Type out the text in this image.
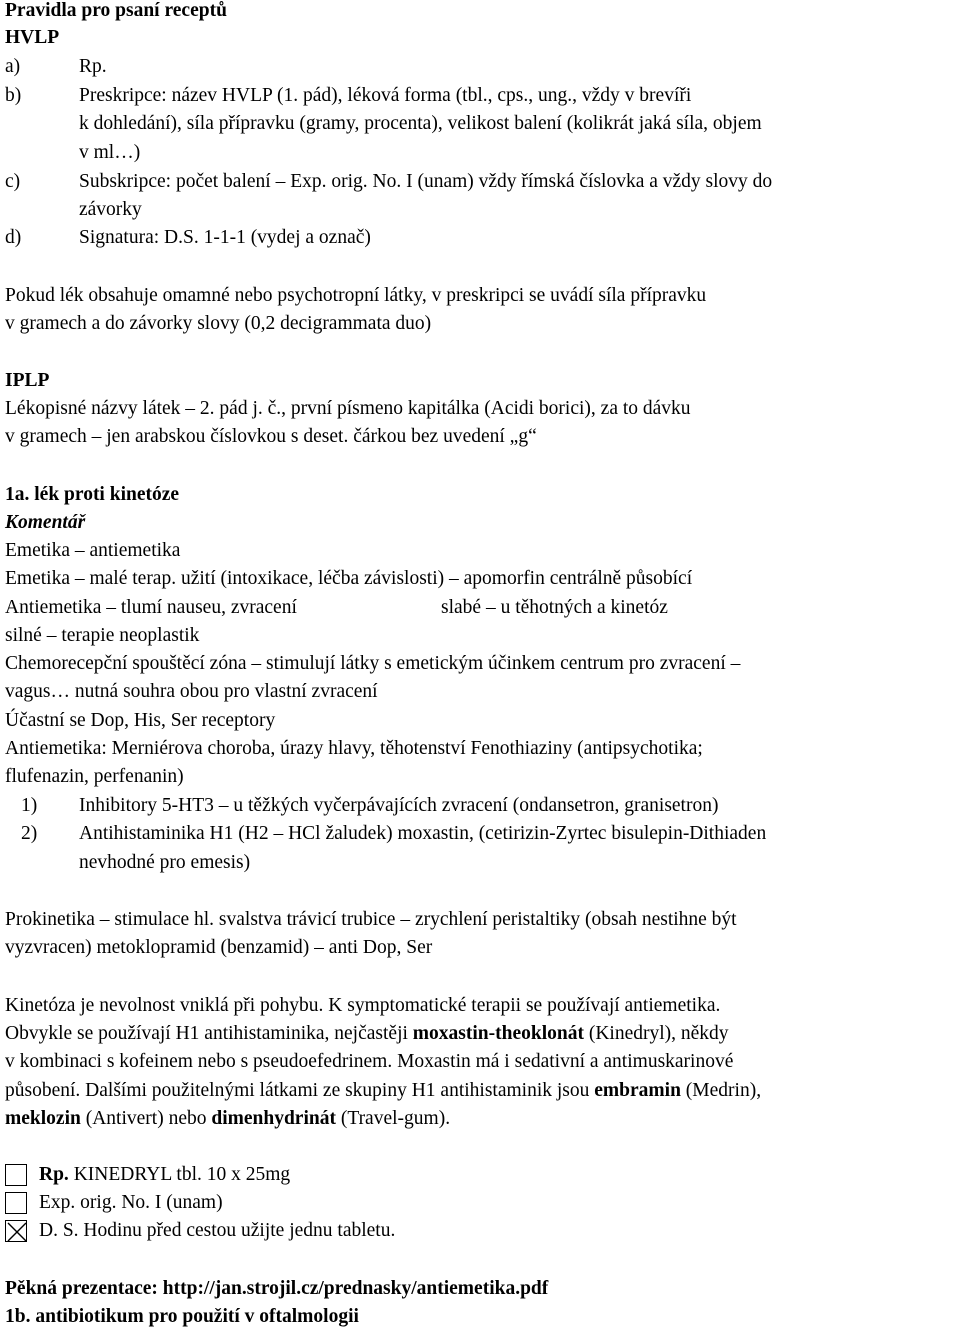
Pravidla pro psaní receptů
HVLP
a)	Rp.
b)	Preskripce: název HVLP (1. pád), léková forma (tbl., cps., ung., vždy v brevíři
k dohledání), síla přípravku (gramy, procenta), velikost balení (kolikrát jaká síla, objem
v ml…)
c)	Subskripce: počet balení – Exp. orig. No. I (unam) vždy římská číslovka a vždy slovy do
závorky
d)	Signatura: D.S. 1-1-1 (vydej a označ)
Pokud lék obsahuje omamné nebo psychotropní látky, v preskripci se uvádí síla přípravku
v gramech a do závorky slovy (0,2 decigrammata duo)
IPLP
Lékopisné názvy látek – 2. pád j. č., první písmeno kapitálka (Acidi borici), za to dávku
v gramech – jen arabskou číslovkou s deset. čárkou bez uvedení „g“
1a. lék proti kinetóze
Komentář
Emetika – antiemetika
Emetika – malé terap. užití (intoxikace, léčba závislosti) – apomorfin centrálně působící
Antiemetika – tlumí nauseu, zvracení	slabé – u těhotných a kinetóz
silné – terapie neoplastik
Chemorecepční spouštěcí zóna – stimulují látky s emetickým účinkem centrum pro zvracení –
vagus… nutná souhra obou pro vlastní zvracení
Účastní se Dop, His, Ser receptory
Antiemetika: Merniérova choroba, úrazy hlavy, těhotenství Fenothiaziny (antipsychotika;
flufenazin, perfenanin)
1) Inhibitory 5-HT3 – u těžkých vyčerpávajících zvracení (ondansetron, granisetron)
2) Antihistaminika H1 (H2 – HCl žaludek) moxastin, (cetirizin-Zyrtec bisulepin-Dithiaden
nevhodné pro emesis)
Prokinetika – stimulace hl. svalstva trávicí trubice – zrychlení peristaltiky (obsah nestihne být
vyzvracen) metoklopramid (benzamid) – anti Dop, Ser
Kinetóza je nevolnost vniklá při pohybu. K symptomatické terapii se používají antiemetika.
Obvykle se používají H1 antihistaminika, nejčastěji moxastin-theoklonát (Kinedryl), někdy
v kombinaci s kofeinem nebo s pseudoefedrinem. Moxastin má i sedativní a antimuskarinové
působení. Dalšími použitelnými látkami ze skupiny H1 antihistaminik jsou embramin (Medrin),
meklozin (Antivert) nebo dimenhydrinát (Travel-gum).
Rp. KINEDRYL tbl. 10 x 25mg
Exp. orig. No. I (unam)
D. S. Hodinu před cestou užijte jednu tabletu.
Pěkná prezentace: http://jan.strojil.cz/prednasky/antiemetika.pdf
1b. antibiotikum pro použití v oftalmologii
